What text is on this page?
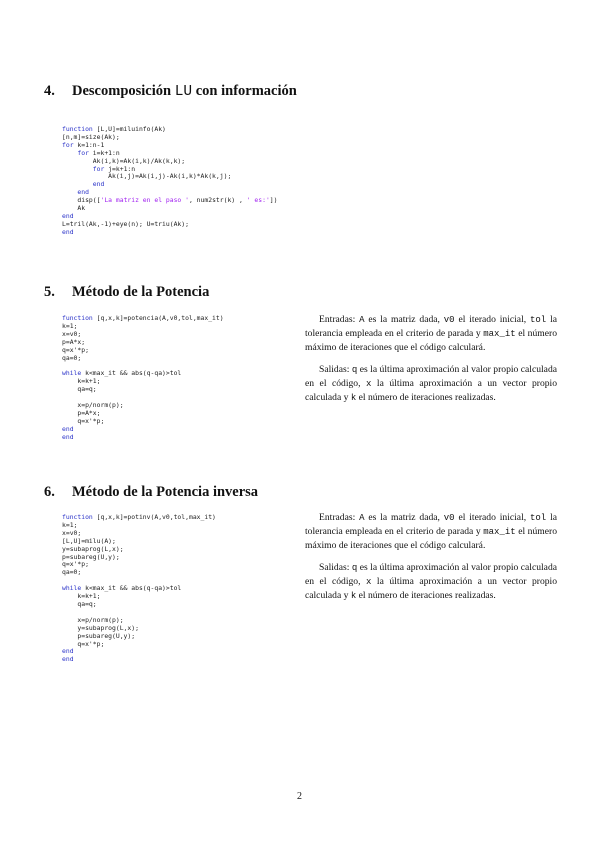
4. Descomposición LU con información
function [L,U]=miluinfo(Ak)
[n,m]=size(Ak);
for k=1:n-1
for i=k+1:n
Ak(i,k)=Ak(i,k)/Ak(k,k);
for j=k+1:n
Ak(i,j)=Ak(i,j)-Ak(i,k)*Ak(k,j);
end
end
disp(['La matriz en el paso ', num2str(k) , ' es:'])
Ak
end
L=tril(Ak,-1)+eye(n); U=triu(Ak);
end
5. Método de la Potencia
function [q,x,k]=potencia(A,v0,tol,max_it)
k=1;
x=v0;
p=A*x;
q=x'*p;
qa=0;

while k<max_it && abs(q-qa)>tol
k=k+1;
qa=q;

x=p/norm(p);
p=A*x;
q=x'*p;
end
end

Entradas: A es la matriz dada, v0 el iterado inicial, tol la tolerancia empleada en el criterio de parada y max_it el número máximo de iteraciones que el código calculará.

Salidas: q es la última aproximación al valor propio calculada en el código, x la última aproximación a un vector propio calculada y k el número de iteraciones realizadas.

6. Método de la Potencia inversa
function [q,x,k]=potinv(A,v0,tol,max_it)
k=1;
x=v0;
[L,U]=milu(A);
y=subaprog(L,x);
p=subareg(U,y);
q=x'*p;
qa=0;

while k<max_it && abs(q-qa)>tol
k=k+1;
qa=q;

x=p/norm(p);
y=subaprog(L,x);
p=subareg(U,y);
q=x'*p;
end
end

Entradas: A es la matriz dada, v0 el iterado inicial, tol la tolerancia empleada en el criterio de parada y max_it el número máximo de iteraciones que el código calculará.

Salidas: q es la última aproximación al valor propio calculada en el código, x la última aproximación a un vector propio calculada y k el número de iteraciones realizadas.

2
